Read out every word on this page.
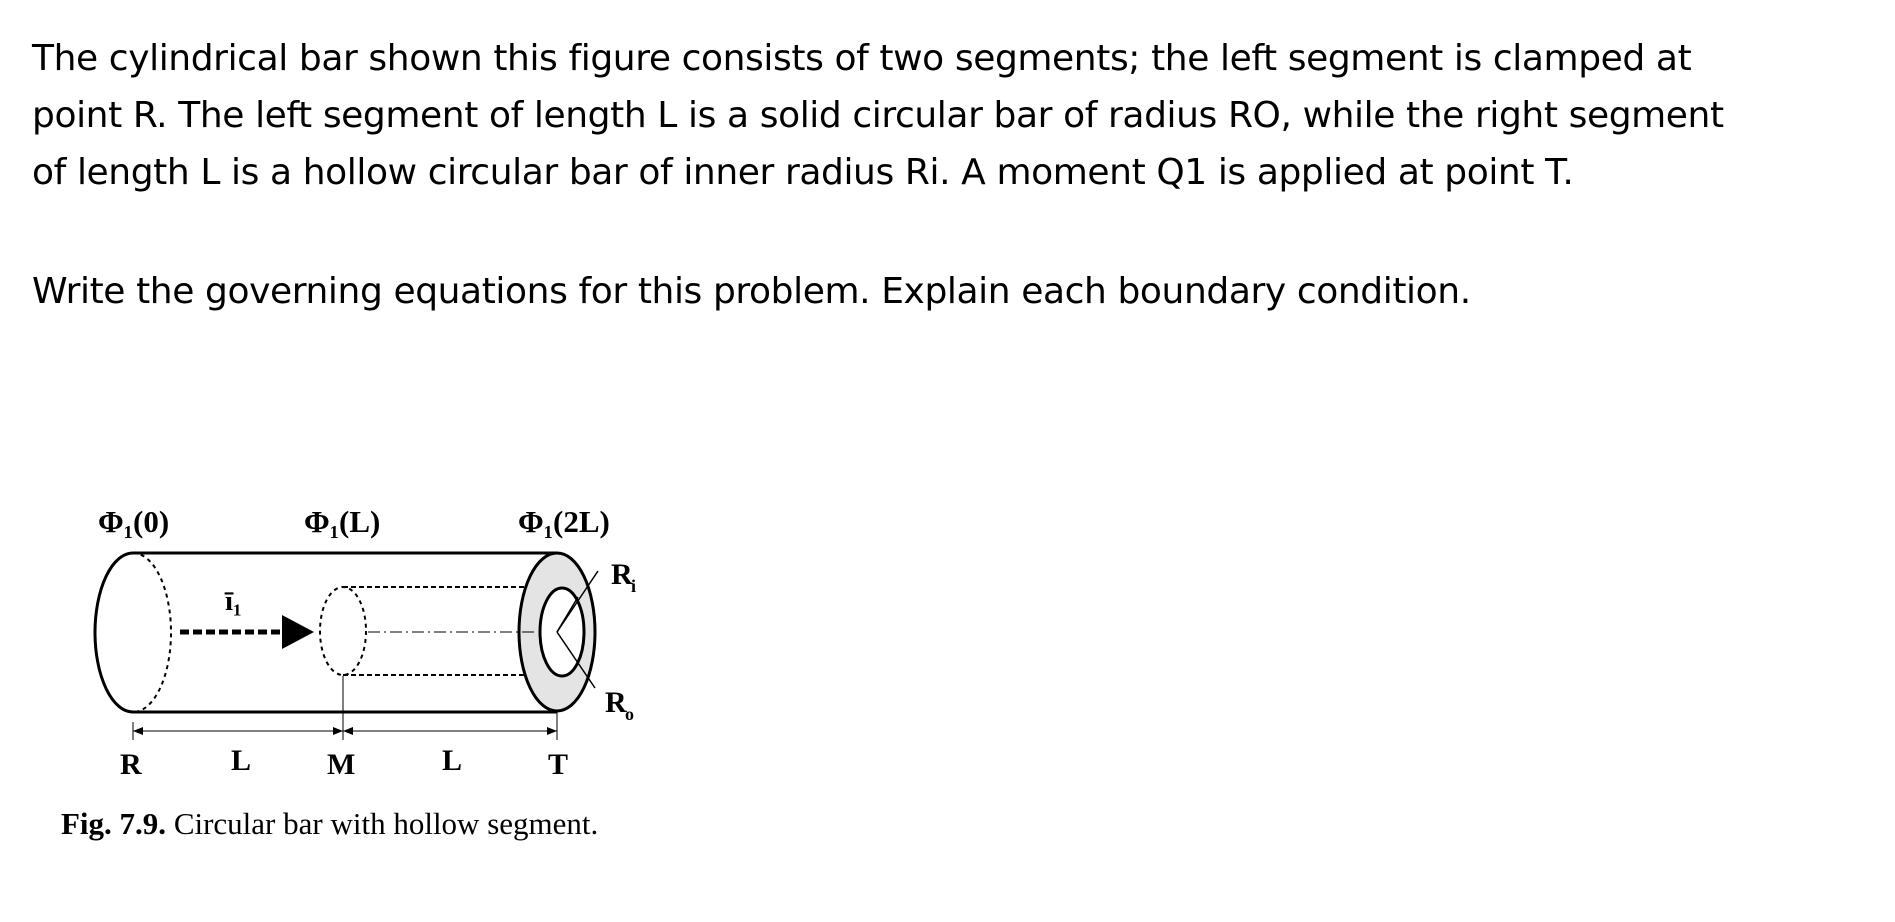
The cylindrical bar shown this figure consists of two segments; the left segment is clamped at

point R. The left segment of length L is a solid circular bar of radius RO, while the right segment

of length L is a hollow circular bar of inner radius Ri. A moment Q1 is applied at point T.

Write the governing equations for this problem. Explain each boundary condition.

Φ₁(0)	Φ₁(L)	Φ₁(2L)
ī₁
R
i
R
o
R	L	M	L	T

Fig. 7.9. Circular bar with hollow segment.
